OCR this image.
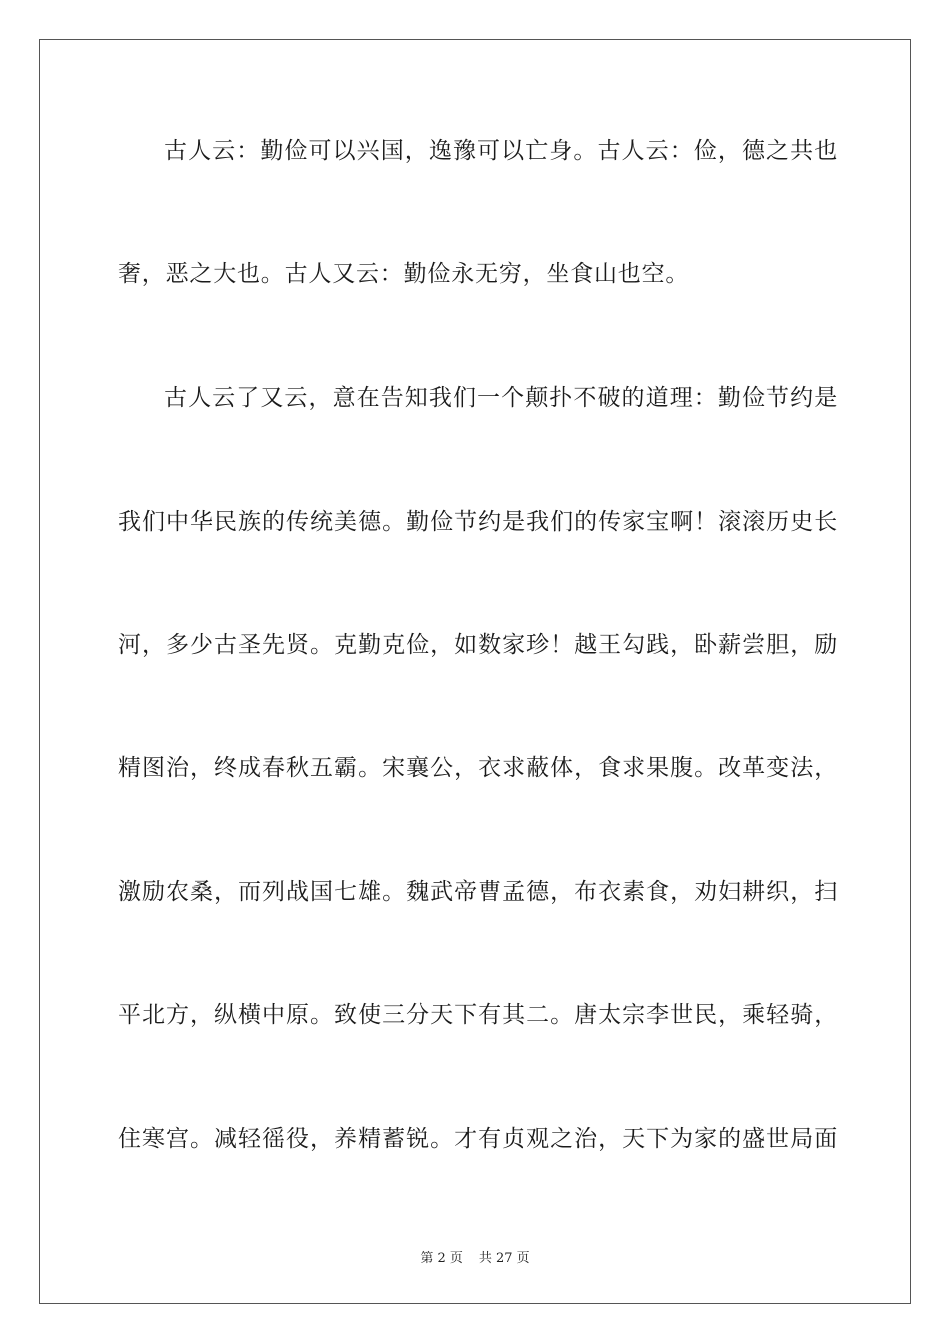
古人云：勤俭可以兴国，逸豫可以亡身。古人云：俭，德之共也
奢，恶之大也。古人又云：勤俭永无穷，坐食山也空。
古人云了又云，意在告知我们一个颠扑不破的道理：勤俭节约是
我们中华民族的传统美德。勤俭节约是我们的传家宝啊！滚滚历史长
河，多少古圣先贤。克勤克俭，如数家珍！越王勾践，卧薪尝胆，励
精图治，终成春秋五霸。宋襄公，衣求蔽体，食求果腹。改革变法，
激励农桑，而列战国七雄。魏武帝曹孟德，布衣素食，劝妇耕织，扫
平北方，纵横中原。致使三分天下有其二。唐太宗李世民，乘轻骑，
住寒宫。减轻徭役，养精蓄锐。才有贞观之治，天下为家的盛世局面
第 2 页 共 27 页
